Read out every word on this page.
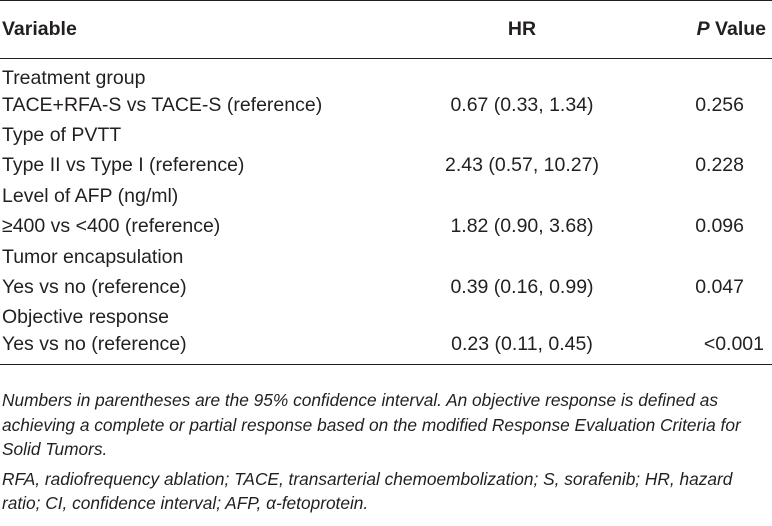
Variable	HR	P Value
Treatment group		
TACE+RFA-S vs TACE-S (reference)	0.67 (0.33, 1.34)	0.256
Type of PVTT		
Type II vs Type I (reference)	2.43 (0.57, 10.27)	0.228
Level of AFP (ng/ml)		
≥400 vs <400 (reference)	1.82 (0.90, 3.68)	0.096
Tumor encapsulation		
Yes vs no (reference)	0.39 (0.16, 0.99)	0.047
Objective response		
Yes vs no (reference)	0.23 (0.11, 0.45)	<0.001

Numbers in parentheses are the 95% confidence interval. An objective response is defined as achieving a complete or partial response based on the modified Response Evaluation Criteria for Solid Tumors.

RFA, radiofrequency ablation; TACE, transarterial chemoembolization; S, sorafenib; HR, hazard ratio; CI, confidence interval; AFP, α-fetoprotein.
